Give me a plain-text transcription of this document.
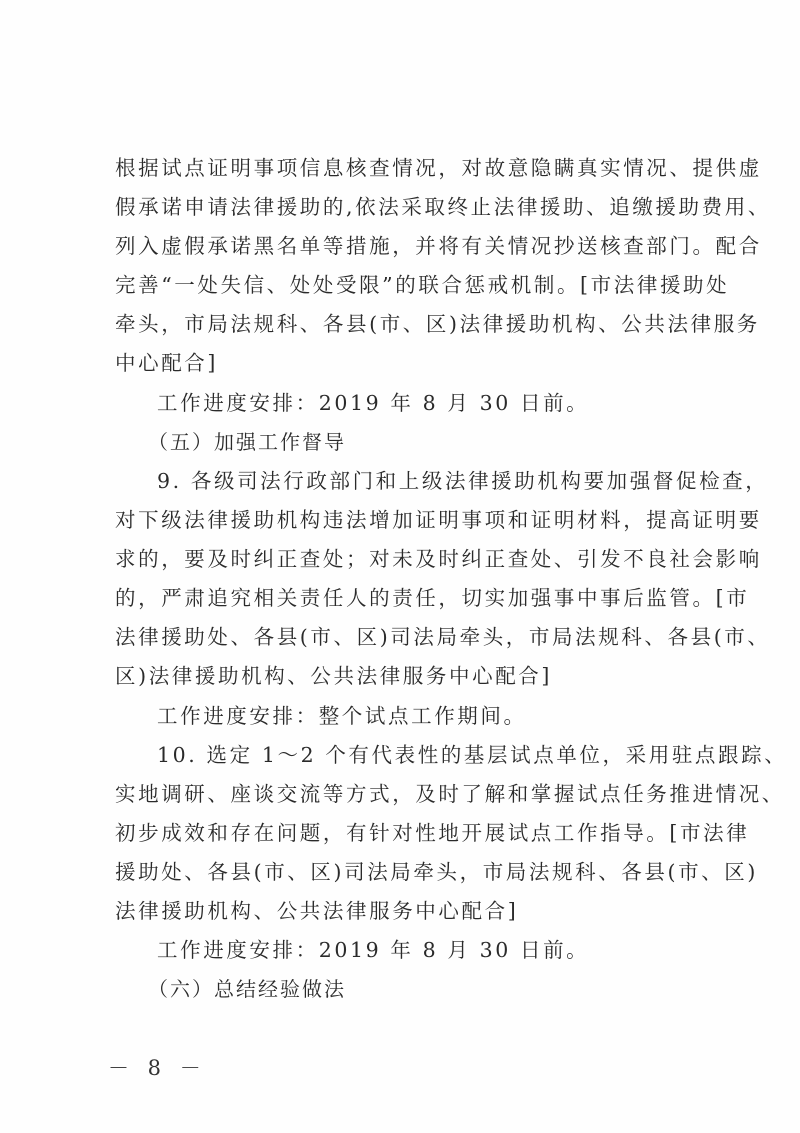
根据试点证明事项信息核查情况，对故意隐瞒真实情况、提供虚
假承诺申请法律援助的,依法采取终止法律援助、追缴援助费用、
列入虚假承诺黑名单等措施，并将有关情况抄送核查部门。配合
完善“一处失信、处处受限”的联合惩戒机制。[市法律援助处
牵头，市局法规科、各县(市、区)法律援助机构、公共法律服务
中心配合]
工作进度安排：2019 年 8 月 30 日前。
（五）加强工作督导
9. 各级司法行政部门和上级法律援助机构要加强督促检查，
对下级法律援助机构违法增加证明事项和证明材料，提高证明要
求的，要及时纠正查处；对未及时纠正查处、引发不良社会影响
的，严肃追究相关责任人的责任，切实加强事中事后监管。[市
法律援助处、各县(市、区)司法局牵头，市局法规科、各县(市、
区)法律援助机构、公共法律服务中心配合]
工作进度安排：整个试点工作期间。
10. 选定 1～2 个有代表性的基层试点单位，采用驻点跟踪、
实地调研、座谈交流等方式，及时了解和掌握试点任务推进情况、
初步成效和存在问题，有针对性地开展试点工作指导。[市法律
援助处、各县(市、区)司法局牵头，市局法规科、各县(市、区)
法律援助机构、公共法律服务中心配合]
工作进度安排：2019 年 8 月 30 日前。
（六）总结经验做法
－ 8 －
